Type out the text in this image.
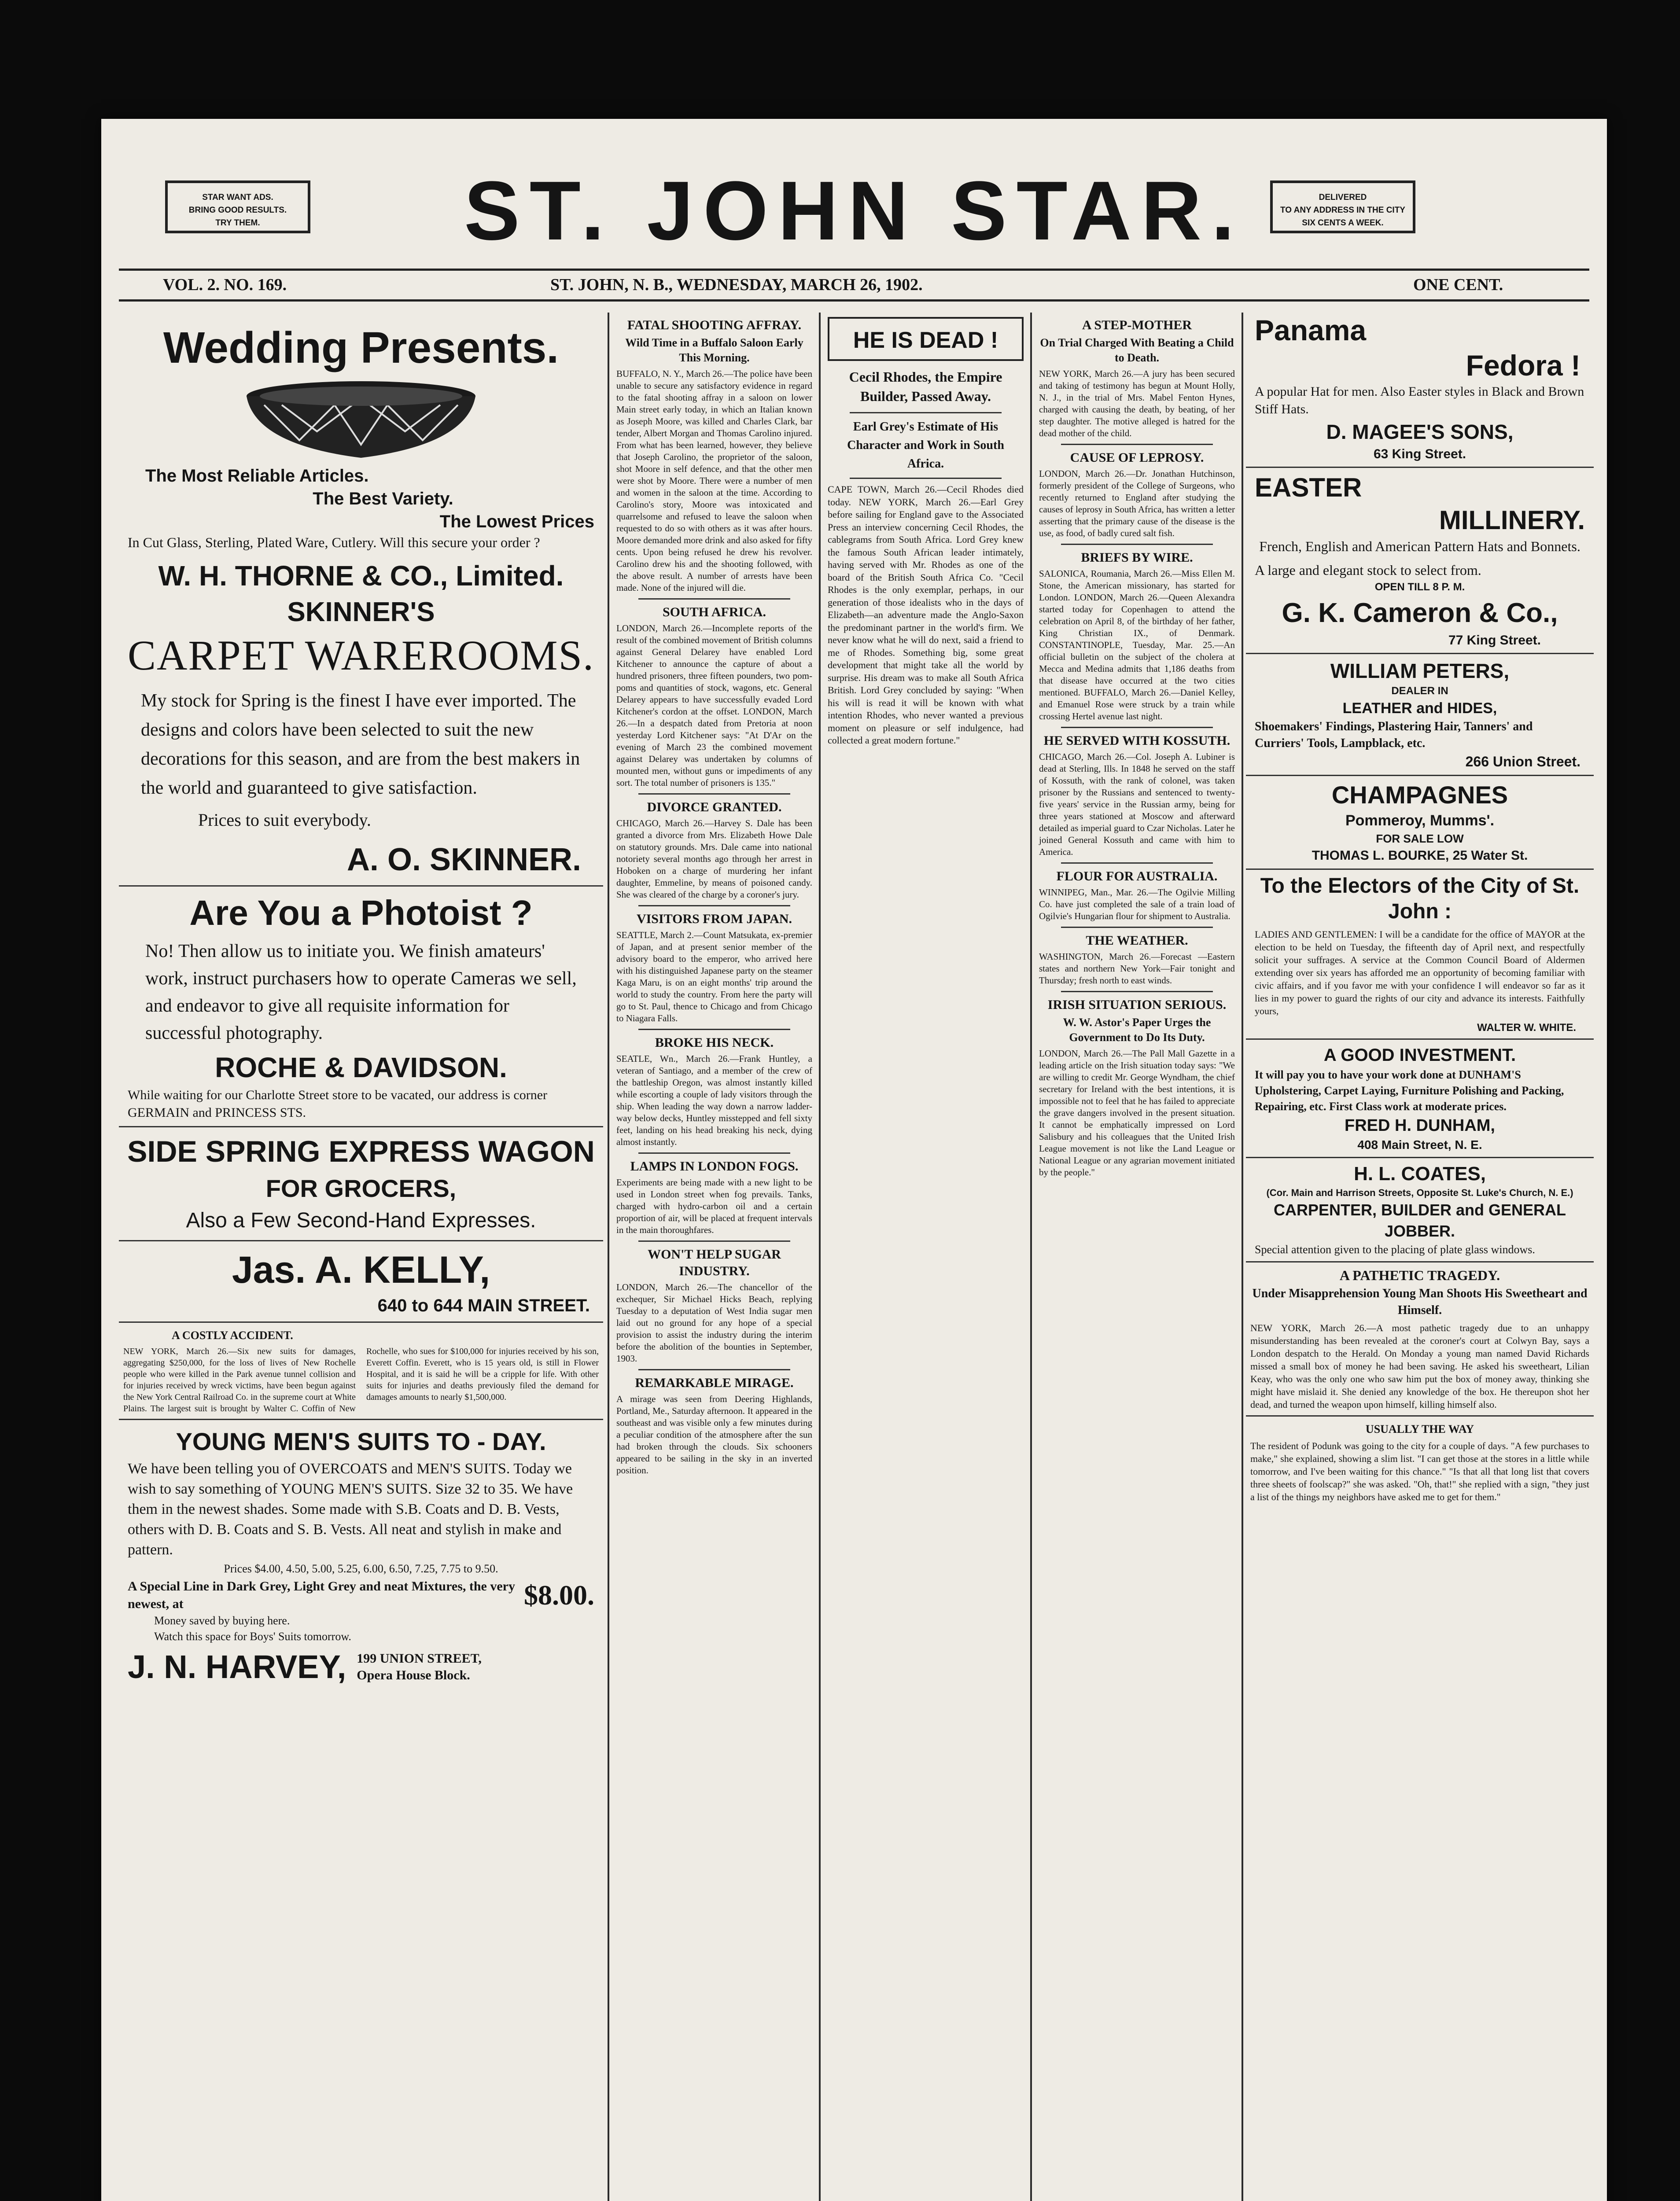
STAR WANT ADS.
BRING GOOD RESULTS.
TRY THEM.	ST. JOHN STAR.	DELIVERED
TO ANY ADDRESS IN THE CITY
SIX CENTS A WEEK.
VOL. 2. NO. 169.	ST. JOHN, N. B., WEDNESDAY, MARCH 26, 1902.	ONE CENT.
Wedding Presents.
The Most Reliable Articles.
The Best Variety.
The Lowest Prices
In Cut Glass, Sterling, Plated Ware, Cutlery. Will this secure your order ?
W. H. THORNE & CO., Limited.
SKINNER'S
CARPET WAREROOMS.
My stock for Spring is the finest I have ever imported. The designs and colors have been selected to suit the new decorations for this season, and are from the best makers in the world and guaranteed to give satisfaction.
Prices to suit everybody.
A. O. SKINNER.
Are You a Photoist ?
No! Then allow us to initiate you. We finish amateurs' work, instruct purchasers how to operate Cameras we sell, and endeavor to give all requisite information for successful photography.
ROCHE & DAVIDSON.
While waiting for our Charlotte Street store to be vacated, our address is corner GERMAIN and PRINCESS STS.
SIDE SPRING EXPRESS WAGON
FOR GROCERS,
Also a Few Second-Hand Expresses.
Jas. A. KELLY,
640 to 644 MAIN STREET.
A COSTLY ACCIDENT.
NEW YORK, March 26.—Six new suits for damages, aggregating $250,000, for the loss of lives of New Rochelle people who were killed in the Park avenue tunnel collision and for injuries received by wreck victims, have been begun against the New York Central Railroad Co. in the supreme court at White Plains. The largest suit is brought by Walter C. Coffin of New Rochelle, who sues for $100,000 for injuries received by his son, Everett Coffin. Everett, who is 15 years old, is still in Flower Hospital, and it is said he will be a cripple for life. With other suits for injuries and deaths previously filed the demand for damages amounts to nearly $1,500,000.
YOUNG MEN'S SUITS TO - DAY.
We have been telling you of OVERCOATS and MEN'S SUITS. Today we wish to say something of YOUNG MEN'S SUITS. Size 32 to 35. We have them in the newest shades. Some made with S.B. Coats and D. B. Vests, others with D. B. Coats and S. B. Vests. All neat and stylish in make and pattern.
Prices $4.00, 4.50, 5.00, 5.25, 6.00, 6.50, 7.25, 7.75 to 9.50.
A Special Line in Dark Grey, Light Grey and neat Mixtures, the very newest, at	$8.00.
Money saved by buying here.
Watch this space for Boys' Suits tomorrow.
J. N. HARVEY, 199 UNION STREET, Opera House Block.
FATAL SHOOTING AFFRAY.
Wild Time in a Buffalo Saloon Early This Morning.
BUFFALO, N. Y., March 26.—The police have been unable to secure any satisfactory evidence in regard to the fatal shooting affray in a saloon on lower Main street early today, in which an Italian known as Joseph Moore, was killed and Charles Clark, bar tender, Albert Morgan and Thomas Carolino injured. From what has been learned, however, they believe that Joseph Carolino, the proprietor of the saloon, shot Moore in self defence, and that the other men were shot by Moore. There were a number of men and women in the saloon at the time. According to Carolino's story, Moore was intoxicated and quarrelsome and refused to leave the saloon when requested to do so with others as it was after hours. Moore demanded more drink and also asked for fifty cents. Upon being refused he drew his revolver. Carolino drew his and the shooting followed, with the above result. A number of arrests have been made. None of the injured will die.
SOUTH AFRICA.
LONDON, March 26.—Incomplete reports of the result of the combined movement of British columns against General Delarey have enabled Lord Kitchener to announce the capture of about a hundred prisoners, three fifteen pounders, two pom-poms and quantities of stock, wagons, etc. General Delarey appears to have successfully evaded Lord Kitchener's cordon at the offset. LONDON, March 26.—In a despatch dated from Pretoria at noon yesterday Lord Kitchener says: "At D'Ar on the evening of March 23 the combined movement against Delarey was undertaken by columns of mounted men, without guns or impediments of any sort. The total number of prisoners is 135."
DIVORCE GRANTED.
CHICAGO, March 26.—Harvey S. Dale has been granted a divorce from Mrs. Elizabeth Howe Dale on statutory grounds. Mrs. Dale came into national notoriety several months ago through her arrest in Hoboken on a charge of murdering her infant daughter, Emmeline, by means of poisoned candy. She was cleared of the charge by a coroner's jury.
VISITORS FROM JAPAN.
SEATTLE, March 2.—Count Matsukata, ex-premier of Japan, and at present senior member of the advisory board to the emperor, who arrived here with his distinguished Japanese party on the steamer Kaga Maru, is on an eight months' trip around the world to study the country. From here the party will go to St. Paul, thence to Chicago and from Chicago to Niagara Falls.
BROKE HIS NECK.
SEATLE, Wn., March 26.—Frank Huntley, a veteran of Santiago, and a member of the crew of the battleship Oregon, was almost instantly killed while escorting a couple of lady visitors through the ship. When leading the way down a narrow ladder-way below decks, Huntley misstepped and fell sixty feet, landing on his head breaking his neck, dying almost instantly.
LAMPS IN LONDON FOGS.
Experiments are being made with a new light to be used in London street when fog prevails. Tanks, charged with hydro-carbon oil and a certain proportion of air, will be placed at frequent intervals in the main thoroughfares.
WON'T HELP SUGAR INDUSTRY.
LONDON, March 26.—The chancellor of the exchequer, Sir Michael Hicks Beach, replying Tuesday to a deputation of West India sugar men laid out no ground for any hope of a special provision to assist the industry during the interim before the abolition of the bounties in September, 1903.
REMARKABLE MIRAGE.
A mirage was seen from Deering Highlands, Portland, Me., Saturday afternoon. It appeared in the southeast and was visible only a few minutes during a peculiar condition of the atmosphere after the sun had broken through the clouds. Six schooners appeared to be sailing in the sky in an inverted position.
HE IS DEAD !
Cecil Rhodes, the Empire Builder, Passed Away.
Earl Grey's Estimate of His Character and Work in South Africa.
CAPE TOWN, March 26.—Cecil Rhodes died today. NEW YORK, March 26.—Earl Grey before sailing for England gave to the Associated Press an interview concerning Cecil Rhodes, the cablegrams from South Africa. Lord Grey knew the famous South African leader intimately, having served with Mr. Rhodes as one of the board of the British South Africa Co. "Cecil Rhodes is the only exemplar, perhaps, in our generation of those idealists who in the days of Elizabeth—an adventure made the Anglo-Saxon the predominant partner in the world's firm. We never know what he will do next, said a friend to me of Rhodes. Something big, some great development that might take all the world by surprise. His dream was to make all South Africa British. Lord Grey concluded by saying: "When his will is read it will be known with what intention Rhodes, who never wanted a previous moment on pleasure or self indulgence, had collected a great modern fortune."
A STEP-MOTHER
On Trial Charged With Beating a Child to Death.
NEW YORK, March 26.—A jury has been secured and taking of testimony has begun at Mount Holly, N. J., in the trial of Mrs. Mabel Fenton Hynes, charged with causing the death, by beating, of her step daughter. The motive alleged is hatred for the dead mother of the child.
CAUSE OF LEPROSY.
LONDON, March 26.—Dr. Jonathan Hutchinson, formerly president of the College of Surgeons, who recently returned to England after studying the causes of leprosy in South Africa, has written a letter asserting that the primary cause of the disease is the use, as food, of badly cured salt fish.
BRIEFS BY WIRE.
SALONICA, Roumania, March 26.—Miss Ellen M. Stone, the American missionary, has started for London. LONDON, March 26.—Queen Alexandra started today for Copenhagen to attend the celebration on April 8, of the birthday of her father, King Christian IX., of Denmark. CONSTANTINOPLE, Tuesday, Mar. 25.—An official bulletin on the subject of the cholera at Mecca and Medina admits that 1,186 deaths from that disease have occurred at the two cities mentioned. BUFFALO, March 26.—Daniel Kelley, and Emanuel Rose were struck by a train while crossing Hertel avenue last night.
HE SERVED WITH KOSSUTH.
CHICAGO, March 26.—Col. Joseph A. Lubiner is dead at Sterling, Ills. In 1848 he served on the staff of Kossuth, with the rank of colonel, was taken prisoner by the Russians and sentenced to twenty-five years' service in the Russian army, being for three years stationed at Moscow and afterward detailed as imperial guard to Czar Nicholas. Later he joined General Kossuth and came with him to America.
FLOUR FOR AUSTRALIA.
WINNIPEG, Man., Mar. 26.—The Ogilvie Milling Co. have just completed the sale of a train load of Ogilvie's Hungarian flour for shipment to Australia.
THE WEATHER.
WASHINGTON, March 26.—Forecast —Eastern states and northern New York—Fair tonight and Thursday; fresh north to east winds.
IRISH SITUATION SERIOUS.
W. W. Astor's Paper Urges the Government to Do Its Duty.
LONDON, March 26.—The Pall Mall Gazette in a leading article on the Irish situation today says: "We are willing to credit Mr. George Wyndham, the chief secretary for Ireland with the best intentions, it is impossible not to feel that he has failed to appreciate the grave dangers involved in the present situation. It cannot be emphatically impressed on Lord Salisbury and his colleagues that the United Irish League movement is not like the Land League or National League or any agrarian movement initiated by the people."
Panama
Fedora !
A popular Hat for men. Also Easter styles in Black and Brown Stiff Hats.
D. MAGEE'S SONS,
63 King Street.
EASTER
MILLINERY.
French, English and American Pattern Hats and Bonnets.
A large and elegant stock to select from.
OPEN TILL 8 P. M.
G. K. Cameron & Co.,
77 King Street.
WILLIAM PETERS,
DEALER IN
LEATHER and HIDES,
Shoemakers' Findings, Plastering Hair, Tanners' and Curriers' Tools, Lampblack, etc.
266 Union Street.
CHAMPAGNES
Pommeroy, Mumms'.
FOR SALE LOW
THOMAS L. BOURKE, 25 Water St.
To the Electors of the City of St. John :
LADIES AND GENTLEMEN: I will be a candidate for the office of MAYOR at the election to be held on Tuesday, the fifteenth day of April next, and respectfully solicit your suffrages. A service at the Common Council Board of Aldermen extending over six years has afforded me an opportunity of becoming familiar with civic affairs, and if you favor me with your confidence I will endeavor so far as it lies in my power to guard the rights of our city and advance its interests. Faithfully yours,
WALTER W. WHITE.
A GOOD INVESTMENT.
It will pay you to have your work done at DUNHAM'S Upholstering, Carpet Laying, Furniture Polishing and Packing, Repairing, etc. First Class work at moderate prices.
FRED H. DUNHAM,
408 Main Street, N. E.
H. L. COATES,
(Cor. Main and Harrison Streets, Opposite St. Luke's Church, N. E.)
CARPENTER, BUILDER and GENERAL JOBBER.
Special attention given to the placing of plate glass windows.
A PATHETIC TRAGEDY.
Under Misapprehension Young Man Shoots His Sweetheart and Himself.
NEW YORK, March 26.—A most pathetic tragedy due to an unhappy misunderstanding has been revealed at the coroner's court at Colwyn Bay, says a London despatch to the Herald. On Monday a young man named David Richards missed a small box of money he had been saving. He asked his sweetheart, Lilian Keay, who was the only one who saw him put the box of money away, thinking she might have mislaid it. She denied any knowledge of the box. He thereupon shot her dead, and turned the weapon upon himself, killing himself also.
USUALLY THE WAY
The resident of Podunk was going to the city for a couple of days. "A few purchases to make," she explained, showing a slim list. "I can get those at the stores in a little while tomorrow, and I've been waiting for this chance." "Is that all that long list that covers three sheets of foolscap?" she was asked. "Oh, that!" she replied with a sign, "they just a list of the things my neighbors have asked me to get for them."
